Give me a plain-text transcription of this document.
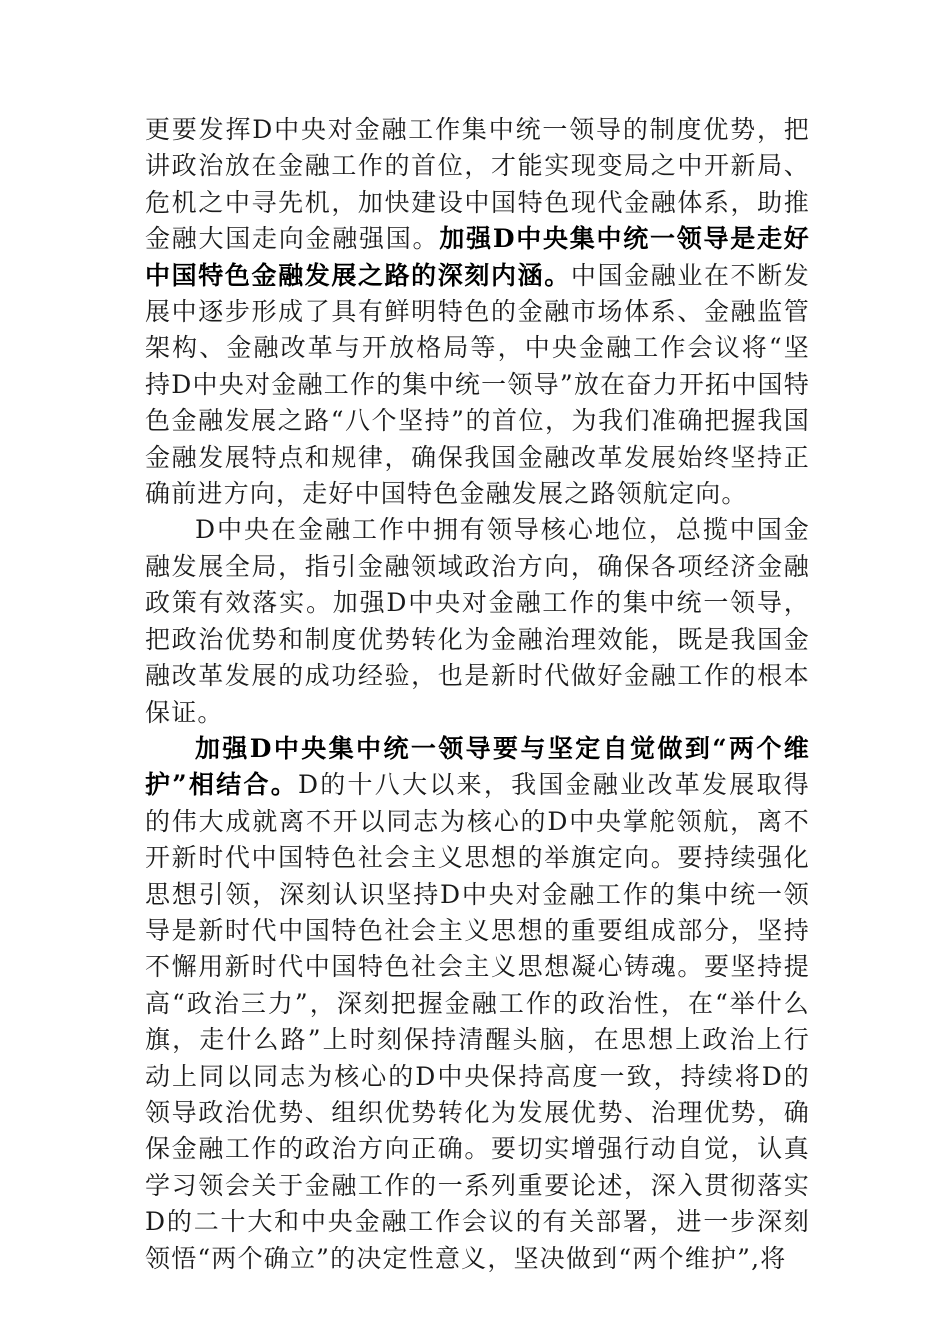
更要发挥D中央对金融工作集中统一领导的制度优势，把讲政治放在金融工作的首位，才能实现变局之中开新局、危机之中寻先机，加快建设中国特色现代金融体系，助推金融大国走向金融强国。加强D中央集中统一领导是走好中国特色金融发展之路的深刻内涵。中国金融业在不断发展中逐步形成了具有鲜明特色的金融市场体系、金融监管架构、金融改革与开放格局等，中央金融工作会议将“坚持D中央对金融工作的集中统一领导”放在奋力开拓中国特色金融发展之路“八个坚持”的首位，为我们准确把握我国金融发展特点和规律，确保我国金融改革发展始终坚持正确前进方向，走好中国特色金融发展之路领航定向。

D中央在金融工作中拥有领导核心地位，总揽中国金融发展全局，指引金融领域政治方向，确保各项经济金融政策有效落实。加强D中央对金融工作的集中统一领导，把政治优势和制度优势转化为金融治理效能，既是我国金融改革发展的成功经验，也是新时代做好金融工作的根本保证。

加强D中央集中统一领导要与坚定自觉做到“两个维护”相结合。D的十八大以来，我国金融业改革发展取得的伟大成就离不开以同志为核心的D中央掌舵领航，离不开新时代中国特色社会主义思想的举旗定向。要持续强化思想引领，深刻认识坚持D中央对金融工作的集中统一领导是新时代中国特色社会主义思想的重要组成部分，坚持不懈用新时代中国特色社会主义思想凝心铸魂。要坚持提高“政治三力”，深刻把握金融工作的政治性，在“举什么旗，走什么路”上时刻保持清醒头脑，在思想上政治上行动上同以同志为核心的D中央保持高度一致，持续将D的领导政治优势、组织优势转化为发展优势、治理优势，确保金融工作的政治方向正确。要切实增强行动自觉，认真学习领会关于金融工作的一系列重要论述，深入贯彻落实D的二十大和中央金融工作会议的有关部署，进一步深刻领悟“两个确立”的决定性意义，坚决做到“两个维护”,将
